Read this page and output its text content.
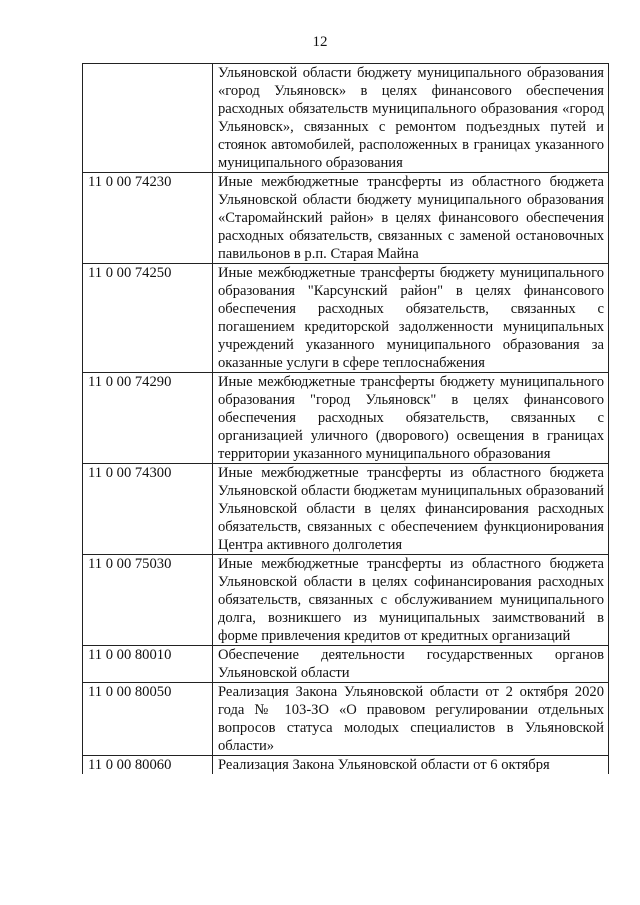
12
	Ульяновской области бюджету муниципального образования «город Ульяновск» в целях финансового обеспечения расходных обязательств муниципального образования «город Ульяновск», связанных с ремонтом подъездных путей и стоянок автомобилей, расположенных в границах указанного муниципального образования
11 0 00 74230	Иные межбюджетные трансферты из областного бюджета Ульяновской области бюджету муниципального образования «Старомайнский район» в целях финансового обеспечения расходных обязательств, связанных с заменой остановочных павильонов в р.п. Старая Майна
11 0 00 74250	Иные межбюджетные трансферты бюджету муниципального образования "Карсунский район" в целях финансового обеспечения расходных обязательств, связанных с погашением кредиторской задолженности муниципальных учреждений указанного муниципального образования за оказанные услуги в сфере теплоснабжения
11 0 00 74290	Иные межбюджетные трансферты бюджету муниципального образования "город Ульяновск" в целях финансового обеспечения расходных обязательств, связанных с организацией уличного (дворового) освещения в границах территории указанного муниципального образования
11 0 00 74300	Иные межбюджетные трансферты из областного бюджета Ульяновской области бюджетам муниципальных образований Ульяновской области в целях финансирования расходных обязательств, связанных с обеспечением функционирования Центра активного долголетия
11 0 00 75030	Иные межбюджетные трансферты из областного бюджета Ульяновской области в целях софинансирования расходных обязательств, связанных с обслуживанием муниципального долга, возникшего из муниципальных заимствований в форме привлечения кредитов от кредитных организаций
11 0 00 80010	Обеспечение деятельности государственных органов Ульяновской области
11 0 00 80050	Реализация Закона Ульяновской области от 2 октября 2020 года № 103-ЗО «О правовом регулировании отдельных вопросов статуса молодых специалистов в Ульяновской области»
11 0 00 80060	Реализация Закона Ульяновской области от 6 октября
